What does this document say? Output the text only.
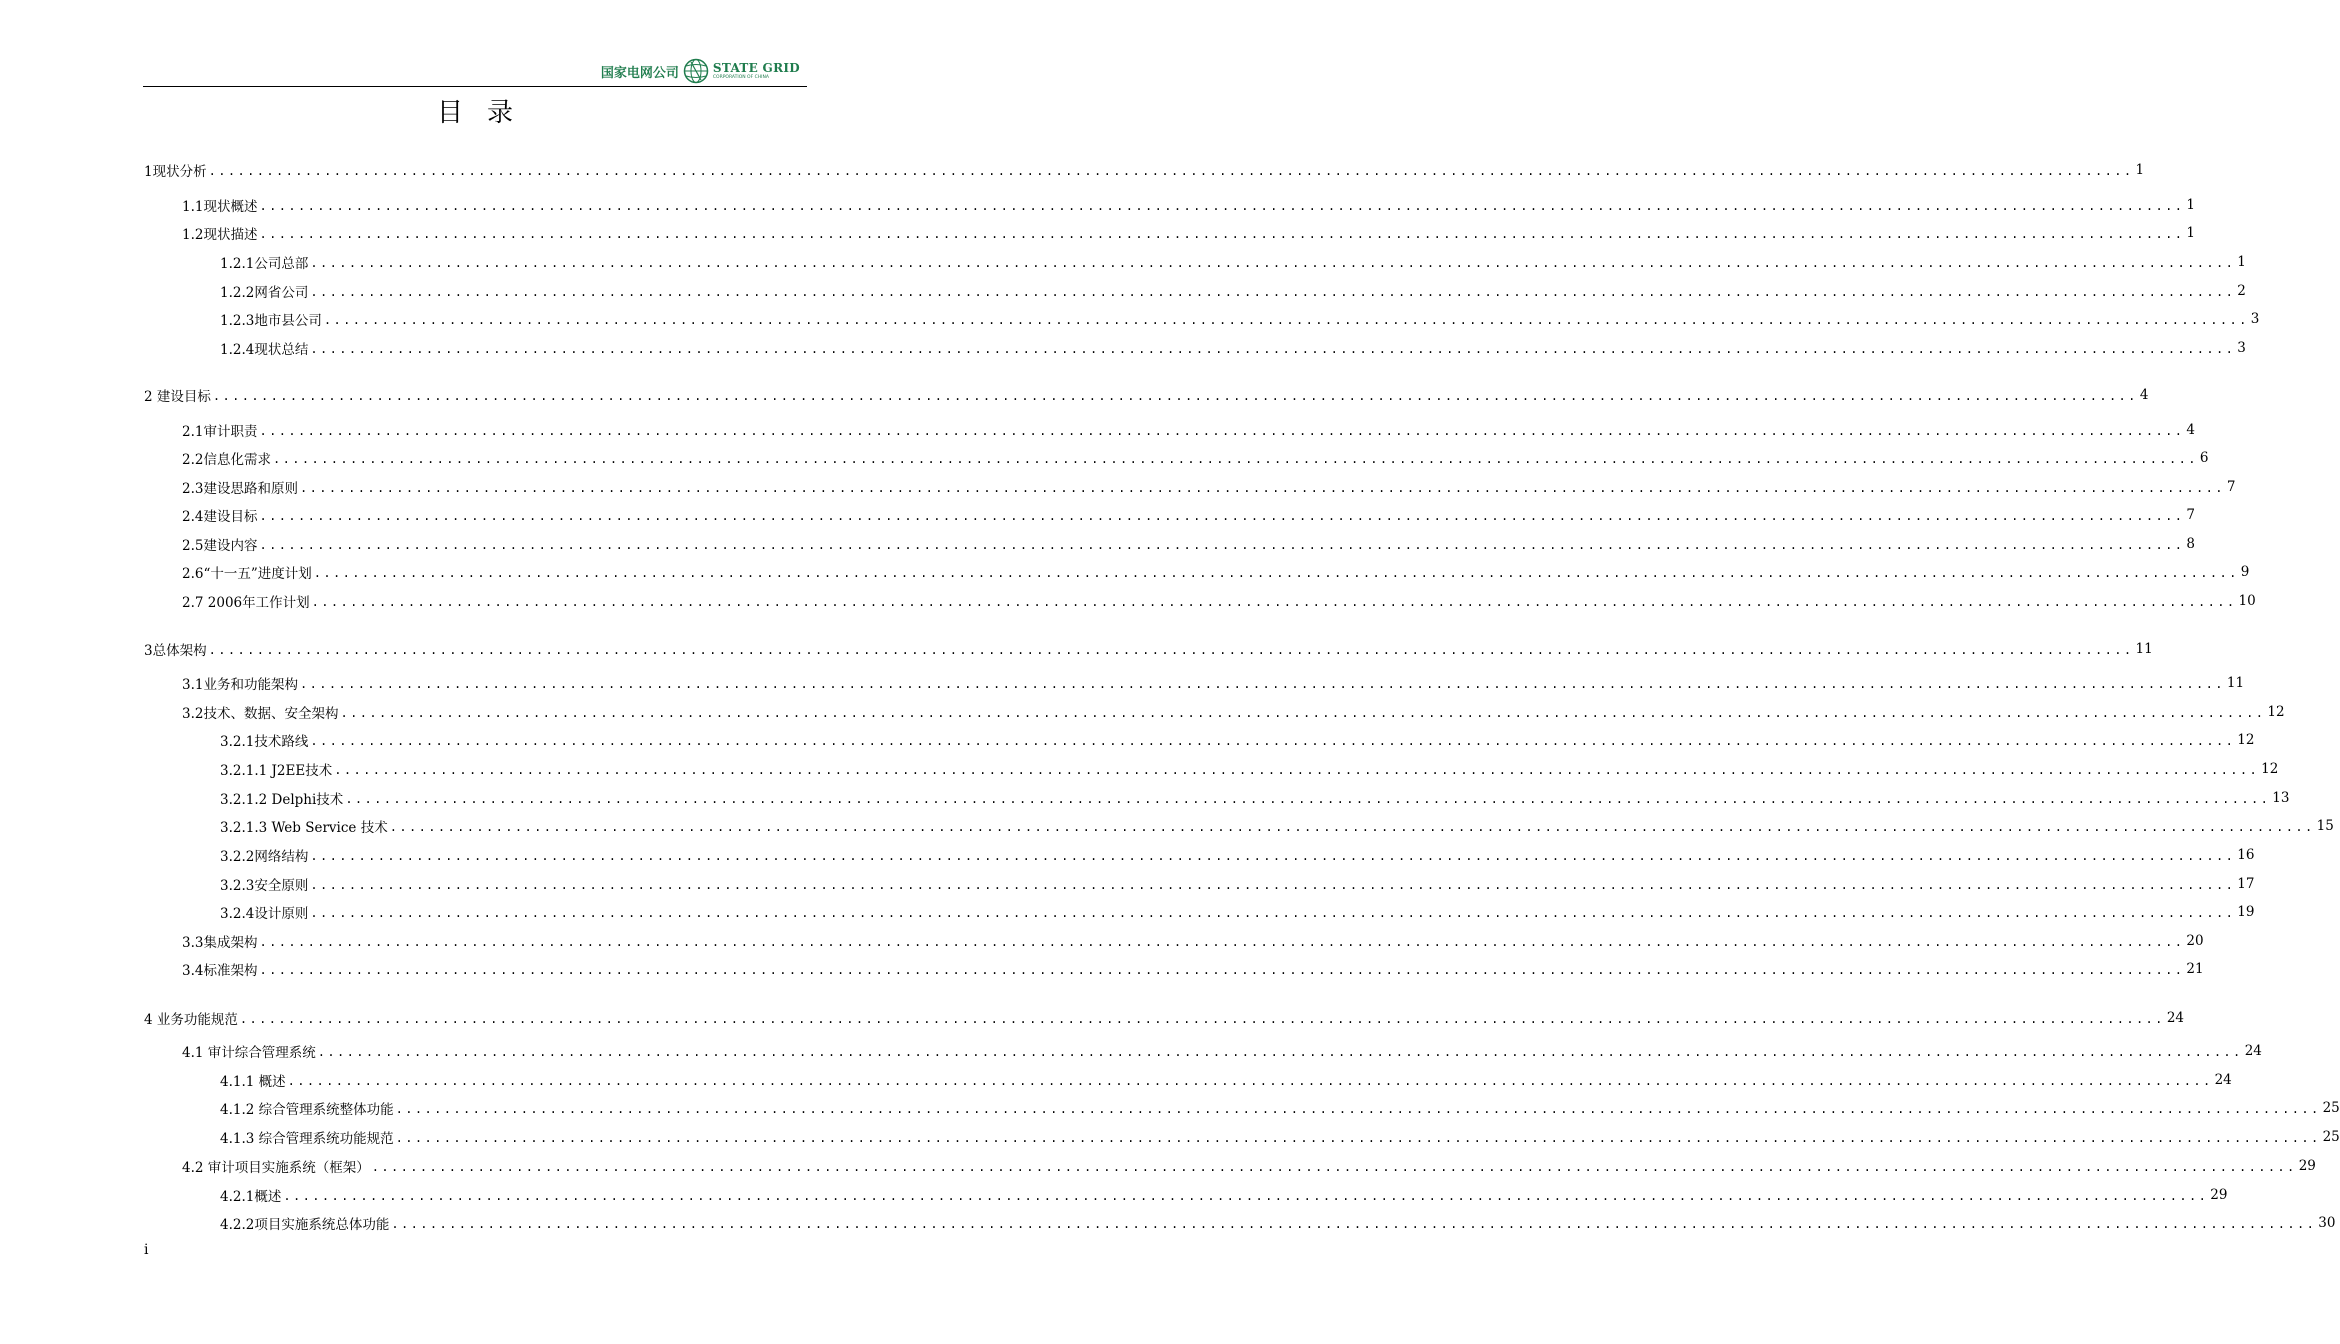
国家电网公司	STATE GRID
CORPORATION OF CHINA
目录
1现状分析 ........................................................................................................................................................................................................ 1
1.1现状概述 ........................................................................................................................................................................................................ 1
1.2现状描述 ........................................................................................................................................................................................................ 1
1.2.1公司总部 ........................................................................................................................................................................................................ 1
1.2.2网省公司 ........................................................................................................................................................................................................ 2
1.2.3地市县公司 ........................................................................................................................................................................................................ 3
1.2.4现状总结 ........................................................................................................................................................................................................ 3
2 建设目标 ........................................................................................................................................................................................................ 4
2.1审计职责 ........................................................................................................................................................................................................ 4
2.2信息化需求 ........................................................................................................................................................................................................ 6
2.3建设思路和原则 ........................................................................................................................................................................................................ 7
2.4建设目标 ........................................................................................................................................................................................................ 7
2.5建设内容 ........................................................................................................................................................................................................ 8
2.6“十一五”进度计划 ........................................................................................................................................................................................................ 9
2.7 2006年工作计划 ........................................................................................................................................................................................................ 10
3总体架构 ........................................................................................................................................................................................................ 11
3.1业务和功能架构 ........................................................................................................................................................................................................ 11
3.2技术、数据、安全架构 ........................................................................................................................................................................................................ 12
3.2.1技术路线 ........................................................................................................................................................................................................ 12
3.2.1.1 J2EE技术 ........................................................................................................................................................................................................ 12
3.2.1.2 Delphi技术 ........................................................................................................................................................................................................ 13
3.2.1.3 Web Service 技术 ........................................................................................................................................................................................................ 15
3.2.2网络结构 ........................................................................................................................................................................................................ 16
3.2.3安全原则 ........................................................................................................................................................................................................ 17
3.2.4设计原则 ........................................................................................................................................................................................................ 19
3.3集成架构 ........................................................................................................................................................................................................ 20
3.4标准架构 ........................................................................................................................................................................................................ 21
4 业务功能规范 ........................................................................................................................................................................................................ 24
4.1 审计综合管理系统 ........................................................................................................................................................................................................ 24
4.1.1 概述 ........................................................................................................................................................................................................ 24
4.1.2 综合管理系统整体功能 ........................................................................................................................................................................................................ 25
4.1.3 综合管理系统功能规范 ........................................................................................................................................................................................................ 25
4.2 审计项目实施系统（框架） ........................................................................................................................................................................................................ 29
4.2.1概述 ........................................................................................................................................................................................................ 29
4.2.2项目实施系统总体功能 ........................................................................................................................................................................................................ 30
i
